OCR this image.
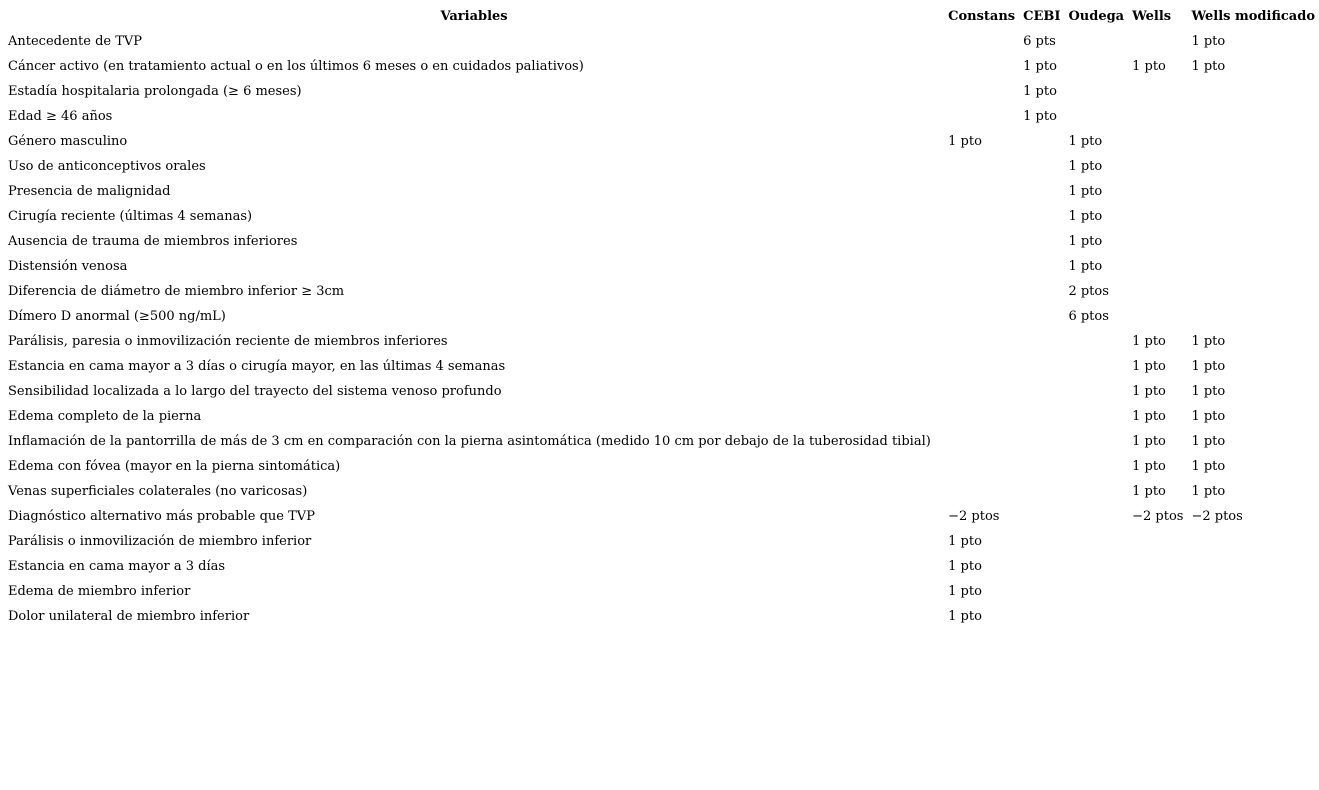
Variables	Constans	CEBI	Oudega	Wells	Wells modificado
Antecedente de TVP		6 pts			1 pto
Cáncer activo (en tratamiento actual o en los últimos 6 meses o en cuidados paliativos)		1 pto		1 pto	1 pto
Estadía hospitalaria prolongada (≥ 6 meses)		1 pto			
Edad ≥ 46 años		1 pto			
Género masculino	1 pto		1 pto		
Uso de anticonceptivos orales			1 pto		
Presencia de malignidad			1 pto		
Cirugía reciente (últimas 4 semanas)			1 pto		
Ausencia de trauma de miembros inferiores			1 pto		
Distensión venosa			1 pto		
Diferencia de diámetro de miembro inferior ≥ 3cm			2 ptos		
Dímero D anormal (≥500 ng/mL)			6 ptos		
Parálisis, paresia o inmovilización reciente de miembros inferiores				1 pto	1 pto
Estancia en cama mayor a 3 días o cirugía mayor, en las últimas 4 semanas				1 pto	1 pto
Sensibilidad localizada a lo largo del trayecto del sistema venoso profundo				1 pto	1 pto
Edema completo de la pierna				1 pto	1 pto
Inflamación de la pantorrilla de más de 3 cm en comparación con la pierna asintomática (medido 10 cm por debajo de la tuberosidad tibial)				1 pto	1 pto
Edema con fóvea (mayor en la pierna sintomática)				1 pto	1 pto
Venas superficiales colaterales (no varicosas)				1 pto	1 pto
Diagnóstico alternativo más probable que TVP	−2 ptos			−2 ptos	−2 ptos
Parálisis o inmovilización de miembro inferior	1 pto				
Estancia en cama mayor a 3 días	1 pto				
Edema de miembro inferior	1 pto				
Dolor unilateral de miembro inferior	1 pto				
